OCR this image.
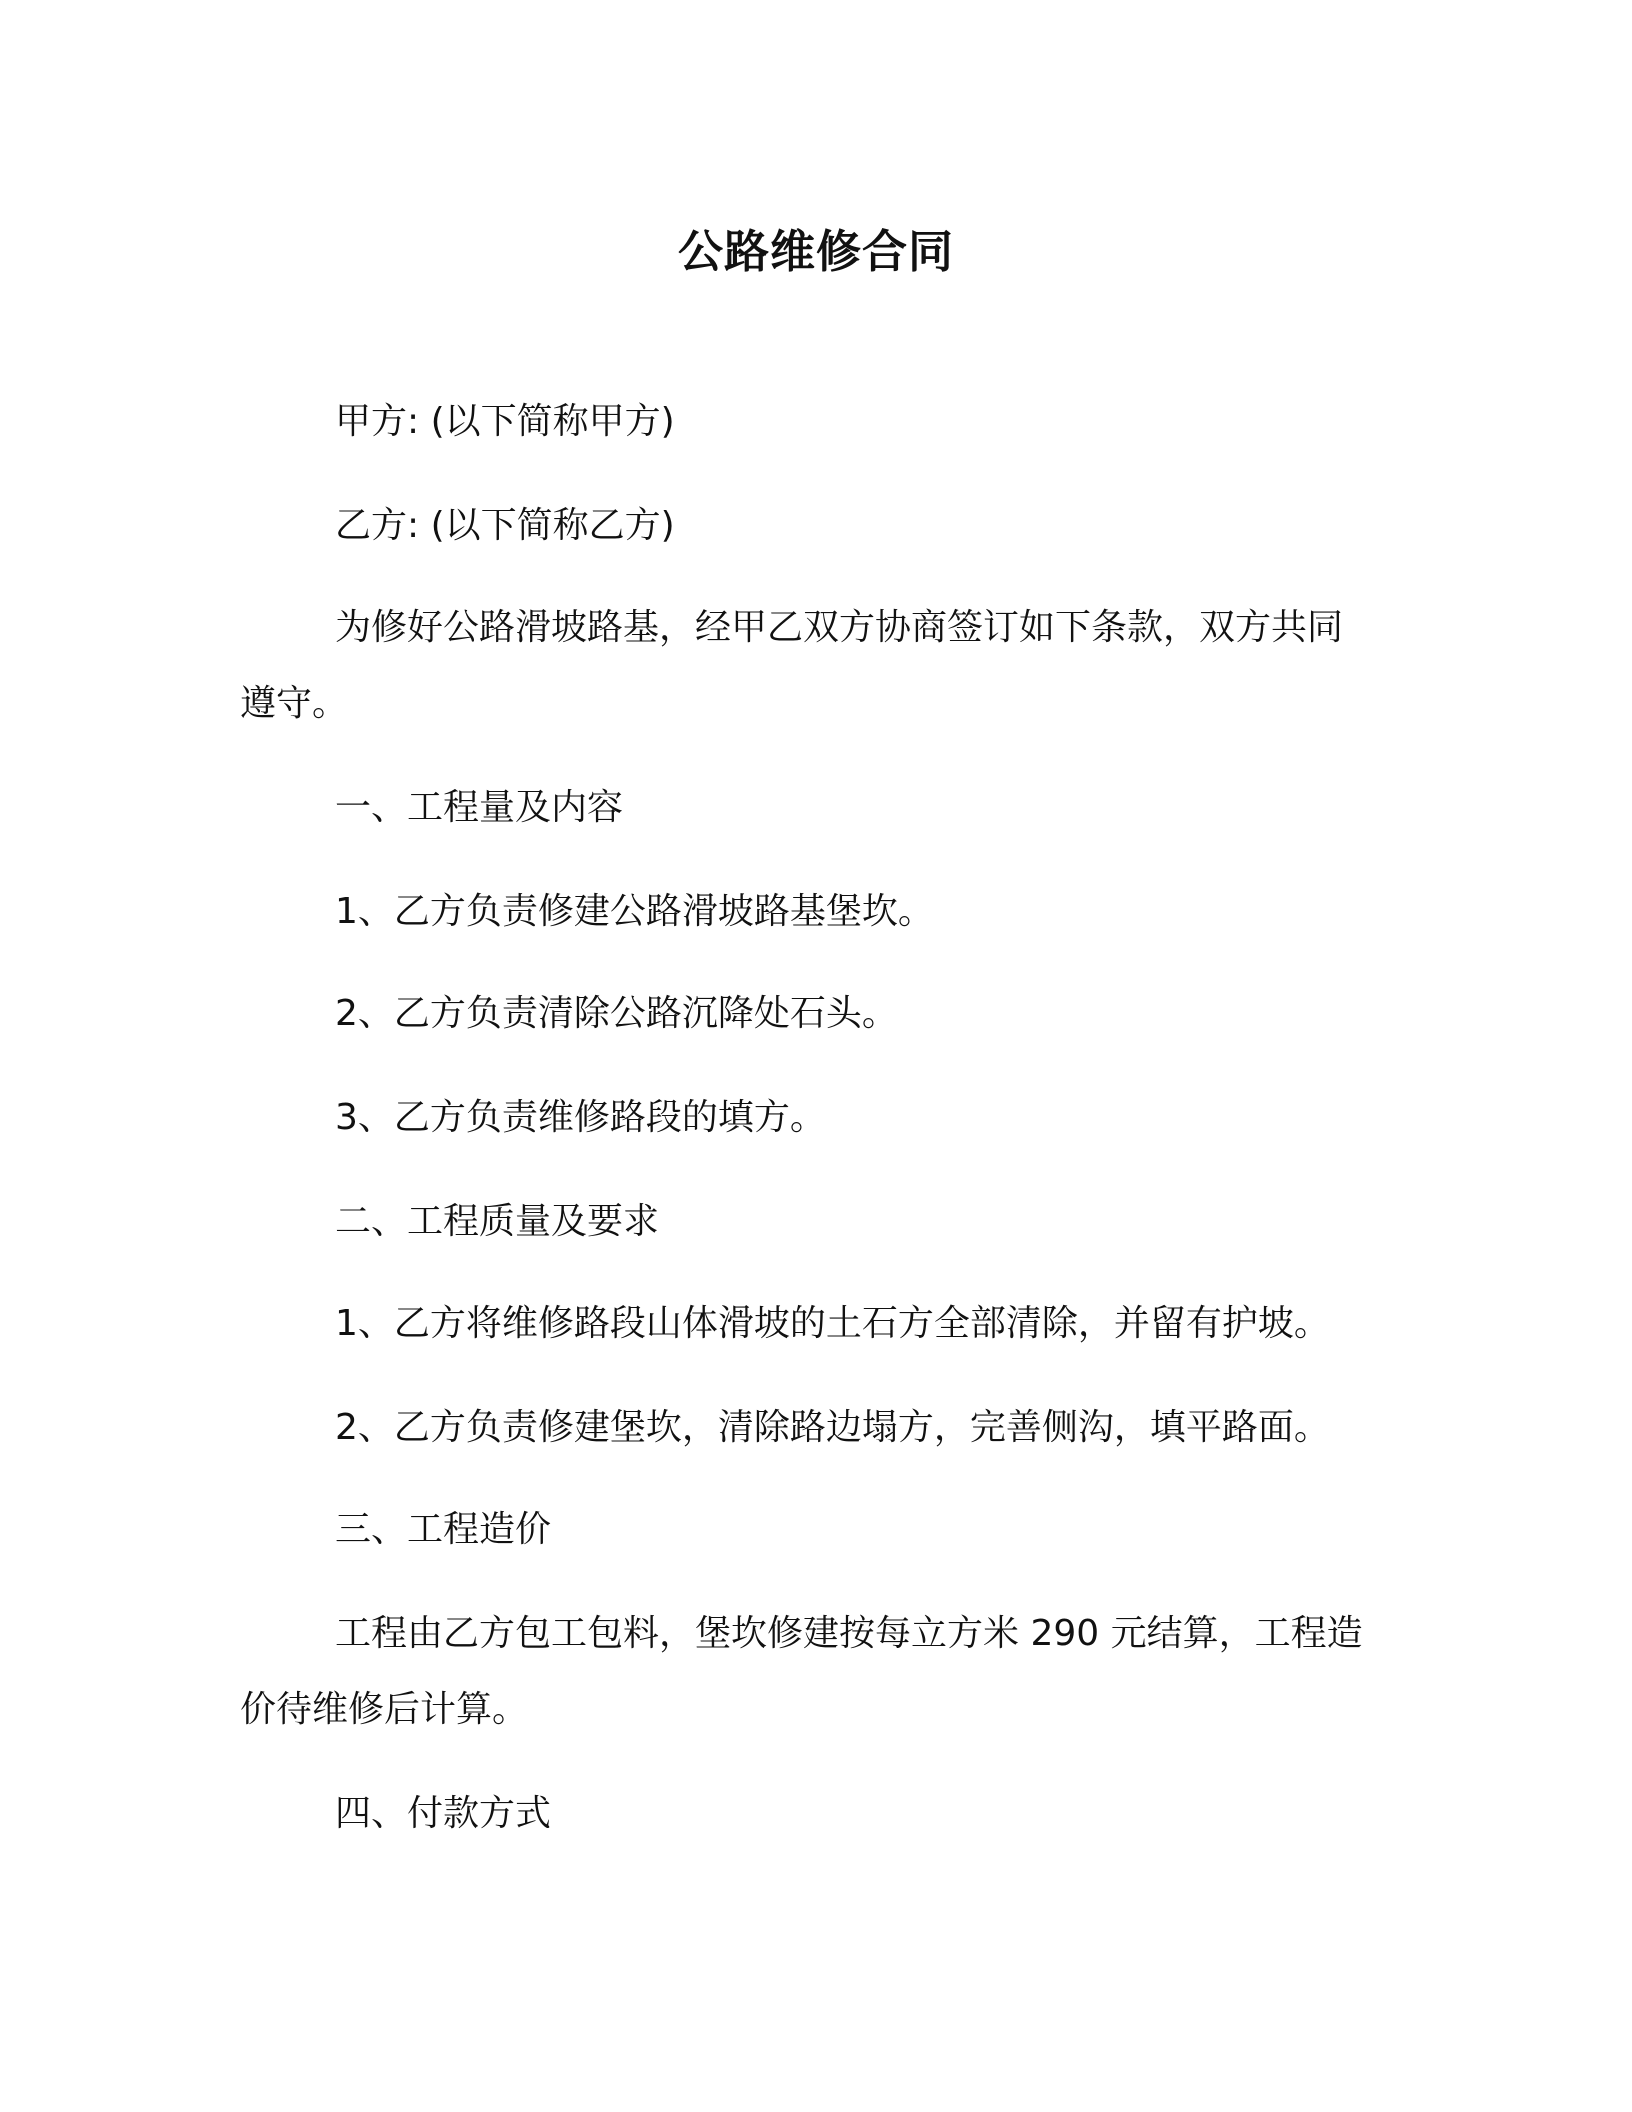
公路维修合同
甲方: (以下简称甲方)
乙方: (以下简称乙方)
为修好公路滑坡路基，经甲乙双方协商签订如下条款，双方共同
遵守。
一、工程量及内容
1、乙方负责修建公路滑坡路基堡坎。
2、乙方负责清除公路沉降处石头。
3、乙方负责维修路段的填方。
二、工程质量及要求
1、乙方将维修路段山体滑坡的土石方全部清除，并留有护坡。
2、乙方负责修建堡坎，清除路边塌方，完善侧沟，填平路面。
三、工程造价
工程由乙方包工包料，堡坎修建按每立方米 290 元结算，工程造
价待维修后计算。
四、付款方式
